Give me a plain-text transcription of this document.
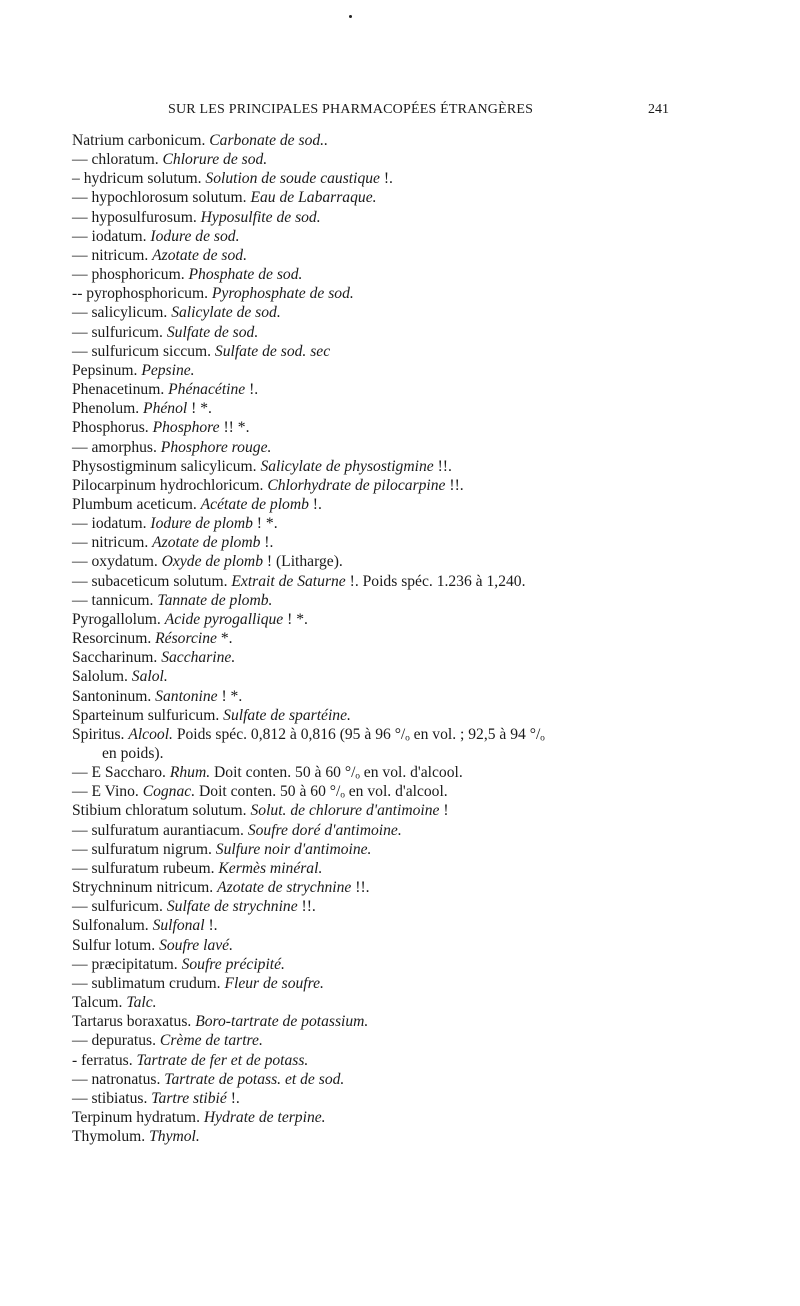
SUR LES PRINCIPALES PHARMACOPÉES ÉTRANGÈRES	241
Natrium carbonicum. Carbonate de sod..
— chloratum. Chlorure de sod.
– hydricum solutum. Solution de soude caustique !.
— hypochlorosum solutum. Eau de Labarraque.
— hyposulfurosum. Hyposulfite de sod.
— iodatum. Iodure de sod.
— nitricum. Azotate de sod.
— phosphoricum. Phosphate de sod.
-- pyrophosphoricum. Pyrophosphate de sod.
— salicylicum. Salicylate de sod.
— sulfuricum. Sulfate de sod.
— sulfuricum siccum. Sulfate de sod. sec
Pepsinum. Pepsine.
Phenacetinum. Phénacétine !.
Phenolum. Phénol ! *.
Phosphorus. Phosphore !! *.
— amorphus. Phosphore rouge.
Physostigminum salicylicum. Salicylate de physostigmine !!.
Pilocarpinum hydrochloricum. Chlorhydrate de pilocarpine !!.
Plumbum aceticum. Acétate de plomb !.
— iodatum. Iodure de plomb ! *.
— nitricum. Azotate de plomb !.
— oxydatum. Oxyde de plomb ! (Litharge).
— subaceticum solutum. Extrait de Saturne !. Poids spéc. 1.236 à 1,240.
— tannicum. Tannate de plomb.
Pyrogallolum. Acide pyrogallique ! *.
Resorcinum. Résorcine *.
Saccharinum. Saccharine.
Salolum. Salol.
Santoninum. Santonine ! *.
Sparteinum sulfuricum. Sulfate de spartéine.
Spiritus. Alcool. Poids spéc. 0,812 à 0,816 (95 à 96 °/ₒ en vol. ; 92,5 à 94 °/ₒ
en poids).
— E Saccharo. Rhum. Doit conten. 50 à 60 °/ₒ en vol. d'alcool.
— E Vino. Cognac. Doit conten. 50 à 60 °/ₒ en vol. d'alcool.
Stibium chloratum solutum. Solut. de chlorure d'antimoine !
— sulfuratum aurantiacum. Soufre doré d'antimoine.
— sulfuratum nigrum. Sulfure noir d'antimoine.
— sulfuratum rubeum. Kermès minéral.
Strychninum nitricum. Azotate de strychnine !!.
— sulfuricum. Sulfate de strychnine !!.
Sulfonalum. Sulfonal !.
Sulfur lotum. Soufre lavé.
— præcipitatum. Soufre précipité.
— sublimatum crudum. Fleur de soufre.
Talcum. Talc.
Tartarus boraxatus. Boro-tartrate de potassium.
— depuratus. Crème de tartre.
- ferratus. Tartrate de fer et de potass.
— natronatus. Tartrate de potass. et de sod.
— stibiatus. Tartre stibié !.
Terpinum hydratum. Hydrate de terpine.
Thymolum. Thymol.
